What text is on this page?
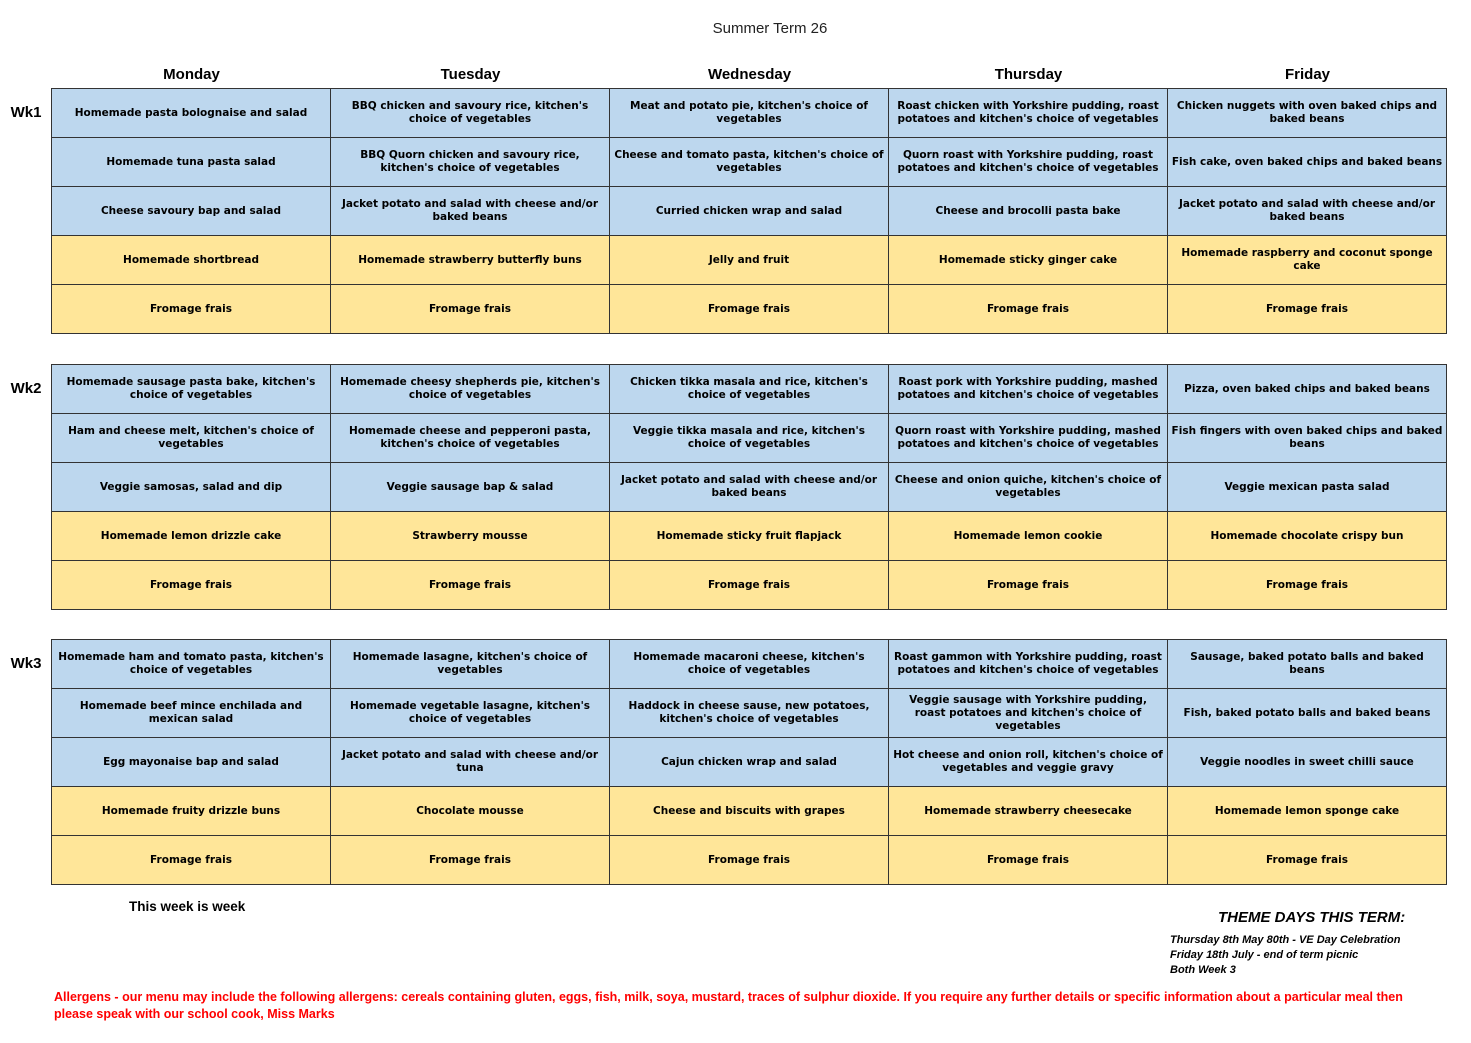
Summer Term 26
Monday	Tuesday	Wednesday	Thursday	Friday
Wk1	Homemade pasta bolognaise and salad	BBQ chicken and savoury rice, kitchen's choice of vegetables	Meat and potato pie, kitchen's choice of vegetables	Roast chicken with Yorkshire pudding, roast potatoes and kitchen's choice of vegetables	Chicken nuggets with oven baked chips and baked beans
Homemade tuna pasta salad	BBQ Quorn chicken and savoury rice, kitchen's choice of vegetables	Cheese and tomato pasta, kitchen's choice of vegetables	Quorn roast with Yorkshire pudding, roast potatoes and kitchen's choice of vegetables	Fish cake, oven baked chips and baked beans
Cheese savoury bap and salad	Jacket potato and salad with cheese and/or baked beans	Curried chicken wrap and salad	Cheese and brocolli pasta bake	Jacket potato and salad with cheese and/or baked beans
Homemade shortbread	Homemade strawberry butterfly buns	Jelly and fruit	Homemade sticky ginger cake	Homemade raspberry and coconut sponge cake
Fromage frais	Fromage frais	Fromage frais	Fromage frais	Fromage frais
Wk2	Homemade sausage pasta bake, kitchen's choice of vegetables	Homemade cheesy shepherds pie, kitchen's choice of vegetables	Chicken tikka masala and rice, kitchen's choice of vegetables	Roast pork with Yorkshire pudding, mashed potatoes and kitchen's choice of vegetables	Pizza, oven baked chips and baked beans
Ham and cheese melt, kitchen's choice of vegetables	Homemade cheese and pepperoni pasta, kitchen's choice of vegetables	Veggie tikka masala and rice, kitchen's choice of vegetables	Quorn roast with Yorkshire pudding, mashed potatoes and kitchen's choice of vegetables	Fish fingers with oven baked chips and baked beans
Veggie samosas, salad and dip	Veggie sausage bap & salad	Jacket potato and salad with cheese and/or baked beans	Cheese and onion quiche, kitchen's choice of vegetables	Veggie mexican pasta salad
Homemade lemon drizzle cake	Strawberry mousse	Homemade sticky fruit flapjack	Homemade lemon cookie	Homemade chocolate crispy bun
Fromage frais	Fromage frais	Fromage frais	Fromage frais	Fromage frais
Wk3	Homemade ham and tomato pasta, kitchen's choice of vegetables	Homemade lasagne, kitchen's choice of vegetables	Homemade macaroni cheese, kitchen's choice of vegetables	Roast gammon with Yorkshire pudding, roast potatoes and kitchen's choice of vegetables	Sausage, baked potato balls and baked beans
Homemade beef mince enchilada and mexican salad	Homemade vegetable lasagne, kitchen's choice of vegetables	Haddock in cheese sause, new potatoes, kitchen's choice of vegetables	Veggie sausage with Yorkshire pudding, roast potatoes and kitchen's choice of vegetables	Fish, baked potato balls and baked beans
Egg mayonaise bap and salad	Jacket potato and salad with cheese and/or tuna	Cajun chicken wrap and salad	Hot cheese and onion roll, kitchen's choice of vegetables and veggie gravy	Veggie noodles in sweet chilli sauce
Homemade fruity drizzle buns	Chocolate mousse	Cheese and biscuits with grapes	Homemade strawberry cheesecake	Homemade lemon sponge cake
Fromage frais	Fromage frais	Fromage frais	Fromage frais	Fromage frais
This week is week
THEME DAYS THIS TERM:
Thursday 8th May 80th - VE Day Celebration
Friday 18th July - end of term picnic
Both Week 3
Allergens - our menu may include the following allergens: cereals containing gluten, eggs, fish, milk, soya, mustard, traces of sulphur dioxide. If you require any further details or specific information about a particular meal then please speak with our school cook, Miss Marks
